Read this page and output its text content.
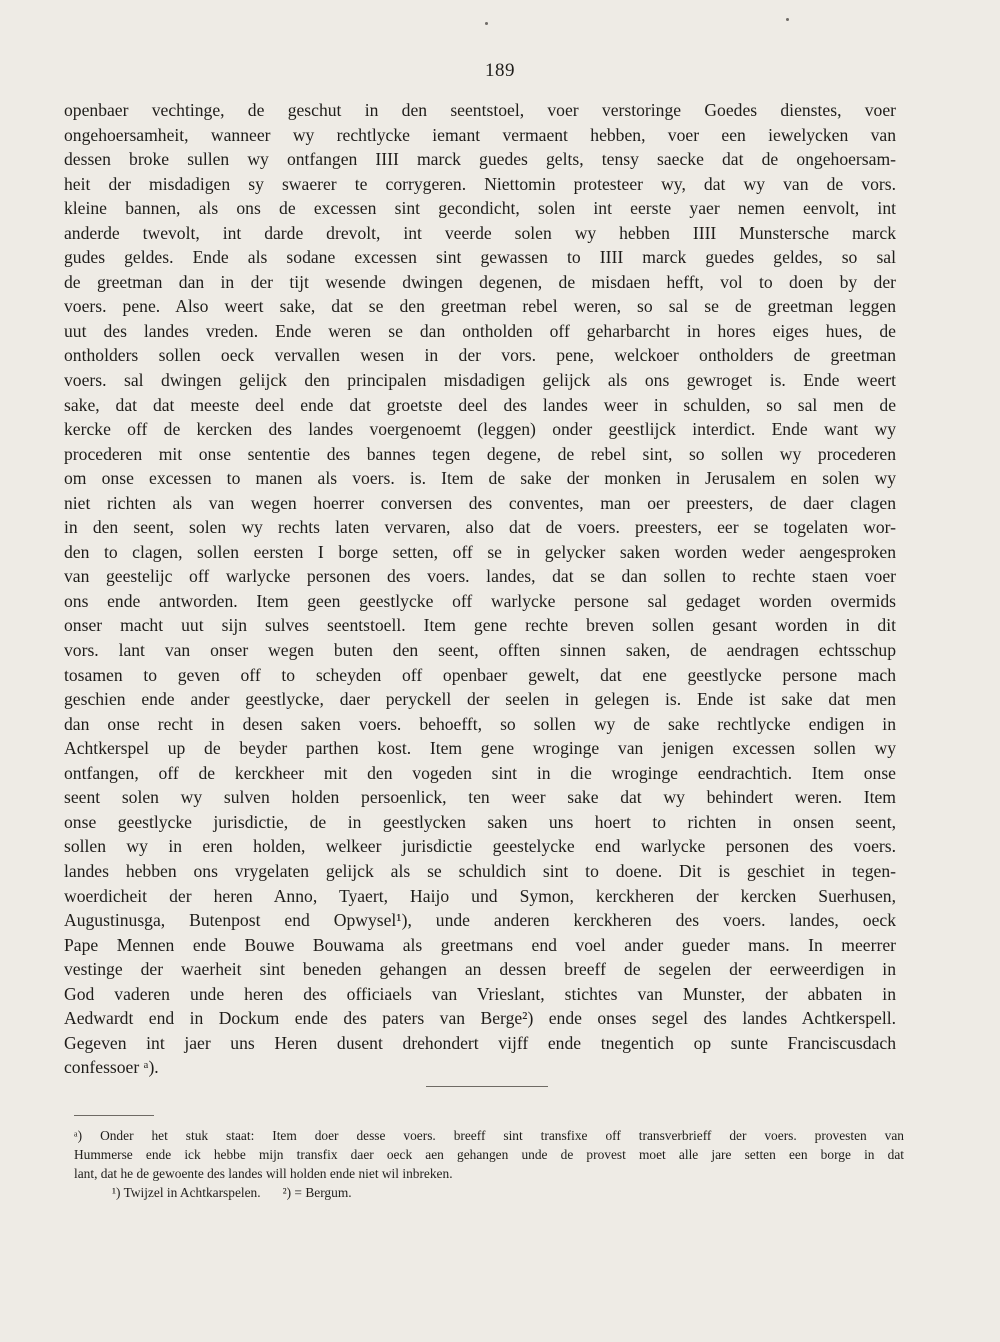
189
openbaer vechtinge, de geschut in den seentstoel, voer verstoringe Goedes dienstes, voer
ongehoersamheit, wanneer wy rechtlycke iemant vermaent hebben, voer een iewelycken van
dessen broke sullen wy ontfangen IIII marck guedes gelts, tensy saecke dat de ongehoersam-
heit der misdadigen sy swaerer te corrygeren. Niettomin protesteer wy, dat wy van de vors.
kleine bannen, als ons de excessen sint gecondicht, solen int eerste yaer nemen eenvolt, int
anderde twevolt, int darde drevolt, int veerde solen wy hebben IIII Munstersche marck
gudes geldes. Ende als sodane excessen sint gewassen to IIII marck guedes geldes, so sal
de greetman dan in der tijt wesende dwingen degenen, de misdaen hefft, vol to doen by der
voers. pene. Also weert sake, dat se den greetman rebel weren, so sal se de greetman leggen
uut des landes vreden. Ende weren se dan ontholden off geharbarcht in hores eiges hues, de
ontholders sollen oeck vervallen wesen in der vors. pene, welckoer ontholders de greetman
voers. sal dwingen gelijck den principalen misdadigen gelijck als ons gewroget is. Ende weert
sake, dat dat meeste deel ende dat groetste deel des landes weer in schulden, so sal men de
kercke off de kercken des landes voergenoemt (leggen) onder geestlijck interdict. Ende want wy
procederen mit onse sententie des bannes tegen degene, de rebel sint, so sollen wy procederen
om onse excessen to manen als voers. is. Item de sake der monken in Jerusalem en solen wy
niet richten als van wegen hoerrer conversen des conventes, man oer preesters, de daer clagen
in den seent, solen wy rechts laten vervaren, also dat de voers. preesters, eer se togelaten wor-
den to clagen, sollen eersten I borge setten, off se in gelycker saken worden weder aengesproken
van geestelijc off warlycke personen des voers. landes, dat se dan sollen to rechte staen voer
ons ende antworden. Item geen geestlycke off warlycke persone sal gedaget worden overmids
onser macht uut sijn sulves seentstoell. Item gene rechte breven sollen gesant worden in dit
vors. lant van onser wegen buten den seent, offten sinnen saken, de aendragen echtsschup
tosamen to geven off to scheyden off openbaer gewelt, dat ene geestlycke persone mach
geschien ende ander geestlycke, daer peryckell der seelen in gelegen is. Ende ist sake dat men
dan onse recht in desen saken voers. behoefft, so sollen wy de sake rechtlycke endigen in
Achtkerspel up de beyder parthen kost. Item gene wroginge van jenigen excessen sollen wy
ontfangen, off de kerckheer mit den vogeden sint in die wroginge eendrachtich. Item onse
seent solen wy sulven holden persoenlick, ten weer sake dat wy behindert weren. Item
onse geestlycke jurisdictie, de in geestlycken saken uns hoert to richten in onsen seent,
sollen wy in eren holden, welkeer jurisdictie geestelycke end warlycke personen des voers.
landes hebben ons vrygelaten gelijck als se schuldich sint to doene. Dit is geschiet in tegen-
woerdicheit der heren Anno, Tyaert, Haijo und Symon, kerckheren der kercken Suerhusen,
Augustinusga, Butenpost end Opwysel¹), unde anderen kerckheren des voers. landes, oeck
Pape Mennen ende Bouwe Bouwama als greetmans end voel ander gueder mans. In meerrer
vestinge der waerheit sint beneden gehangen an dessen breeff de segelen der eerweerdigen in
God vaderen unde heren des officiaels van Vrieslant, stichtes van Munster, der abbaten in
Aedwardt end in Dockum ende des paters van Berge²) ende onses segel des landes Achtkerspell.
Gegeven int jaer uns Heren dusent drehondert vijff ende tnegentich op sunte Franciscusdach
confessoer ᵃ).
ᵃ) Onder het stuk staat: Item doer desse voers. breeff sint transfixe off transverbrieff der voers. provesten van
Hummerse ende ick hebbe mijn transfix daer oeck aen gehangen unde de provest moet alle jare setten een borge in dat
lant, dat he de gewoente des landes will holden ende niet wil inbreken.
¹) Twijzel in Achtkarspelen. ²) = Bergum.
